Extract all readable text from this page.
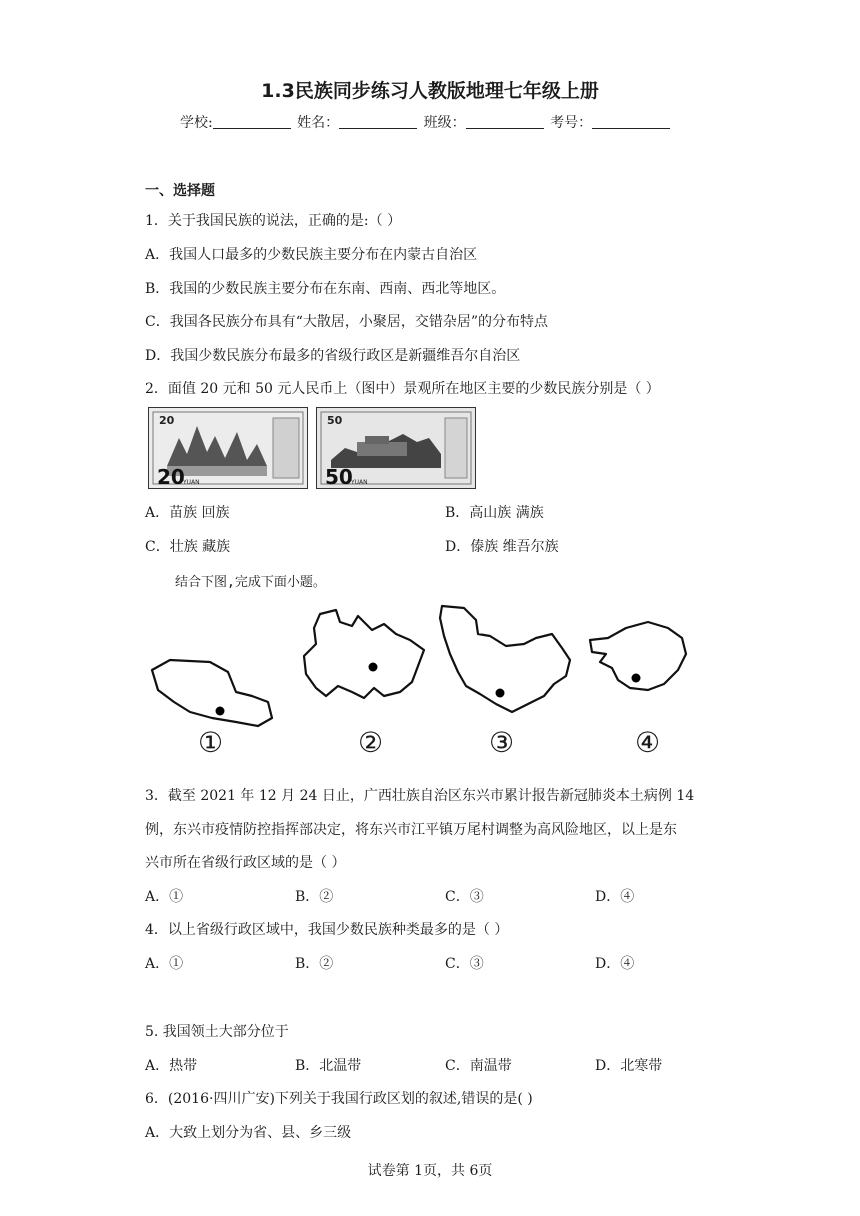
1.3民族同步练习人教版地理七年级上册
学校:	姓名：	班级：	考号：
一、选择题
1．关于我国民族的说法，正确的是:（ ）
A．我国人口最多的少数民族主要分布在内蒙古自治区
B．我国的少数民族主要分布在东南、西南、西北等地区。
C．我国各民族分布具有“大散居，小聚居，交错杂居”的分布特点
D．我国少数民族分布最多的省级行政区是新疆维吾尔自治区
2．面值 20 元和 50 元人民币上（图中）景观所在地区主要的少数民族分别是（ ）
20
20
YUAN
50
50
YUAN
A．苗族 回族	B．高山族 满族
C．壮族 藏族	D．傣族 维吾尔族
结合下图,完成下面小题。
①	②	③	④
3．截至 2021 年 12 月 24 日止，广西壮族自治区东兴市累计报告新冠肺炎本土病例 14
例，东兴市疫情防控指挥部决定，将东兴市江平镇万尾村调整为高风险地区，以上是东
兴市所在省级行政区域的是（ ）
A．①	B．②	C．③	D．④
4．以上省级行政区域中，我国少数民族种类最多的是（ ）
A．①	B．②	C．③	D．④
5. 我国领土大部分位于
A．热带	B．北温带	C．南温带	D．北寒带
6．(2016·四川广安)下列关于我国行政区划的叙述,错误的是( )
A．大致上划分为省、县、乡三级
试卷第 1页，共 6页
